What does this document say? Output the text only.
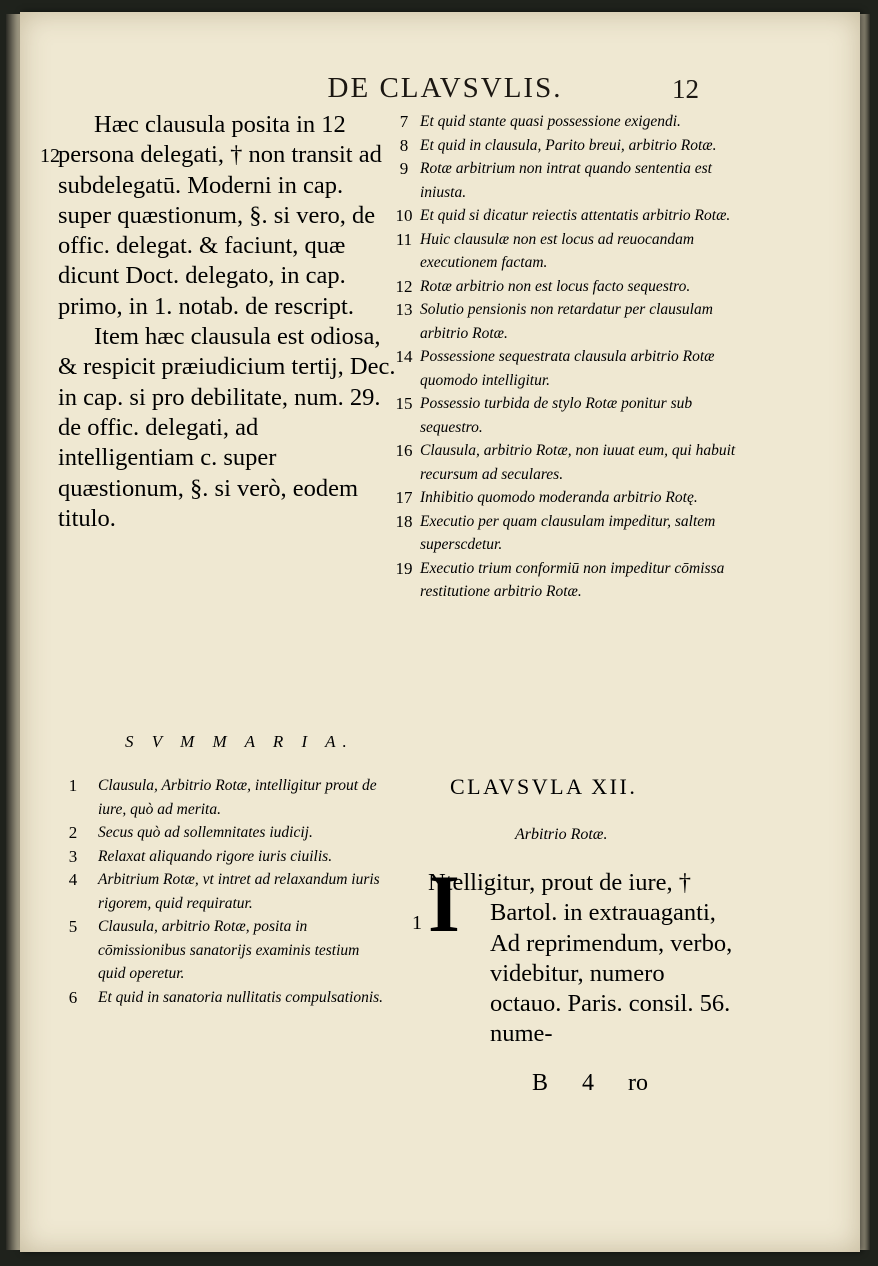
DE CLAVSVLIS.	12
12

Hæc clausula posita in 12 persona delegati, † non transit ad subdelegatū. Moderni in cap. super quæstionum, §. si vero, de offic. delegat. & faciunt, quæ dicunt Doct. delegato, in cap. primo, in 1. notab. de rescript.

Item hæc clausula est odiosa, & respicit præiudicium tertij, Dec. in cap. si pro debilitate, num. 29. de offic. delegati, ad intelligentiam c. super quæstionum, §. si verò, eodem titulo.

S V M M A R I A.
1	Clausula, Arbitrio Rotæ, intelligitur prout de iure, quò ad merita.
2	Secus quò ad sollemnitates iudicij.
3	Relaxat aliquando rigore iuris ciuilis.
4	Arbitrium Rotæ, vt intret ad relaxandum iuris rigorem, quid requiratur.
5	Clausula, arbitrio Rotæ, posita in cōmissionibus sanatorijs examinis testium quid operetur.
6	Et quid in sanatoria nullitatis compulsationis.
7 Et quid stante quasi possessione exigendi.
8 Et quid in clausula, Parito breui, arbitrio Rotæ.
9 Rotæ arbitrium non intrat quando sententia est iniusta.
10 Et quid si dicatur reiectis attentatis arbitrio Rotæ.
11 Huic clausulæ non est locus ad reuocandam executionem factam.
12 Rotæ arbitrio non est locus facto sequestro.
13 Solutio pensionis non retardatur per clausulam arbitrio Rotæ.
14 Possessione sequestrata clausula arbitrio Rotæ quomodo intelligitur.
15 Possessio turbida de stylo Rotæ ponitur sub sequestro.
16 Clausula, arbitrio Rotæ, non iuuat eum, qui habuit recursum ad seculares.
17 Inhibitio quomodo moderanda arbitrio Rotę.
18 Executio per quam clausulam impeditur, saltem superscdetur.
19 Executio trium conformiū non impeditur cōmissa restitutione arbitrio Rotæ.
CLAVSVLA XII.
Arbitrio Rotæ.
I
1

Ntelligitur, prout de iure, † Bartol. in extrauaganti, Ad reprimendum, verbo, videbitur, numero octauo. Paris. consil. 56. nume-

B 4 ro
